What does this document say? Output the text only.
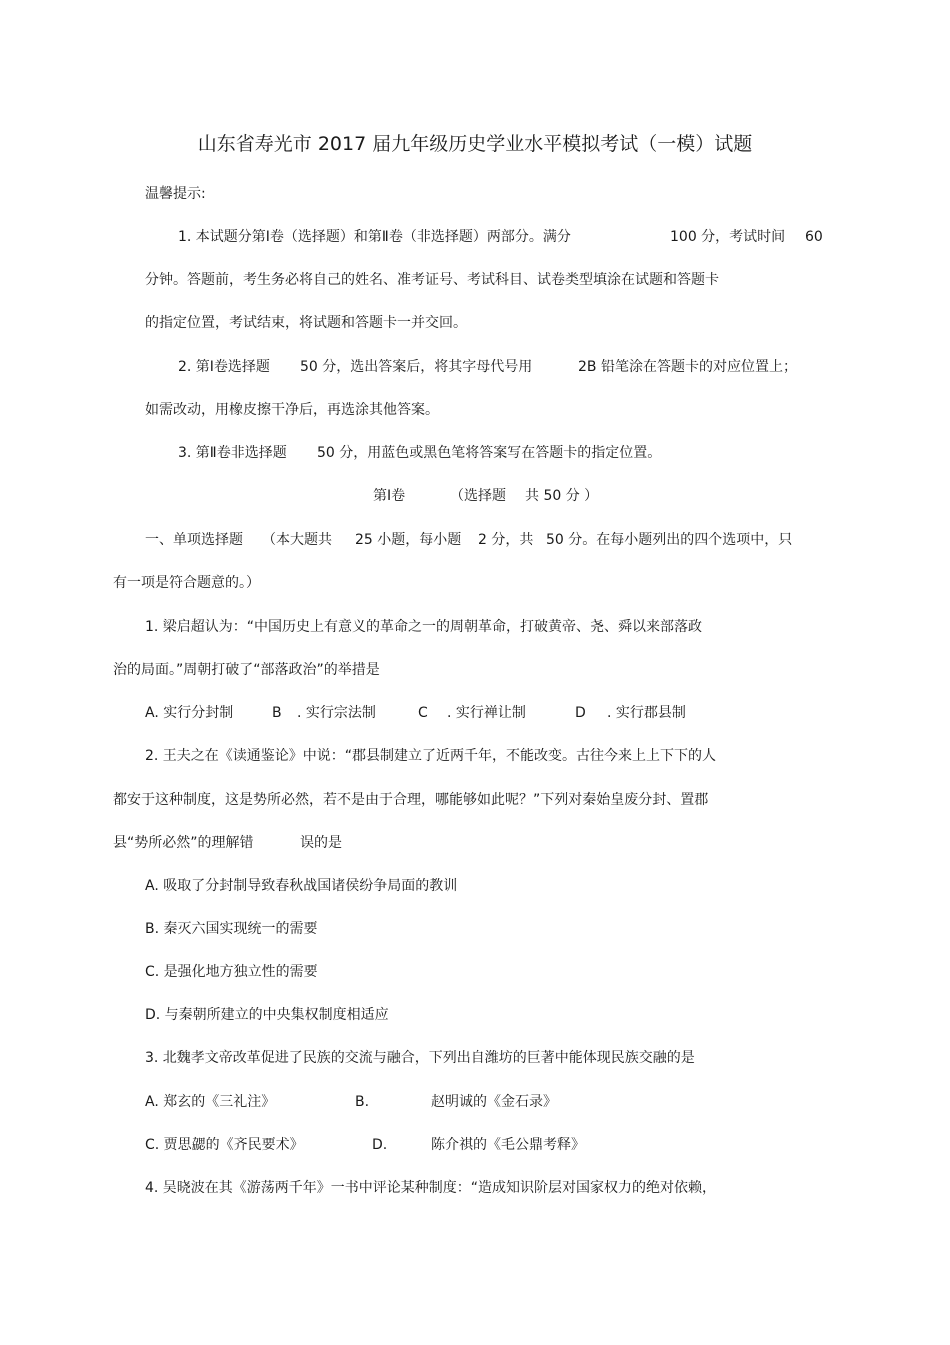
山东省寿光市 2017 届九年级历史学业水平模拟考试（一模）试题
温馨提示:
1. 本试题分第Ⅰ卷（选择题）和第Ⅱ卷（非选择题）两部分。满分	100 分，考试时间 60
分钟。答题前，考生务必将自己的姓名、准考证号、考试科目、试卷类型填涂在试题和答题卡
的指定位置，考试结束，将试题和答题卡一并交回。
2. 第Ⅰ卷选择题 50 分，选出答案后，将其字母代号用	2B 铅笔涂在答题卡的对应位置上；
如需改动，用橡皮擦干净后，再选涂其他答案。
3. 第Ⅱ卷非选择题 50 分，用蓝色或黑色笔将答案写在答题卡的指定位置。
第Ⅰ卷	（选择题 共 50 分 ）
一、单项选择题 （本大题共 25 小题，每小题 2 分，共 50 分。在每小题列出的四个选项中，只
有一项是符合题意的。）
1. 梁启超认为：“中国历史上有意义的革命之一的周朝革命，打破黄帝、尧、舜以来部落政
治的局面。”周朝打破了“部落政治”的举措是
A. 实行分封制	B . 实行宗法制	C . 实行禅让制	D . 实行郡县制
2. 王夫之在《读通鉴论》中说：“郡县制建立了近两千年，不能改变。古往今来上上下下的人
都安于这种制度，这是势所必然，若不是由于合理，哪能够如此呢？”下列对秦始皇废分封、置郡
县“势所必然”的理解错	误的是
A. 吸取了分封制导致春秋战国诸侯纷争局面的教训
B. 秦灭六国实现统一的需要
C. 是强化地方独立性的需要
D. 与秦朝所建立的中央集权制度相适应
3. 北魏孝文帝改革促进了民族的交流与融合，下列出自潍坊的巨著中能体现民族交融的是
A. 郑玄的《三礼注》	B.	赵明诚的《金石录》
C. 贾思勰的《齐民要术》	D.	陈介祺的《毛公鼎考释》
4. 吴晓波在其《游荡两千年》一书中评论某种制度：“造成知识阶层对国家权力的绝对依赖，
